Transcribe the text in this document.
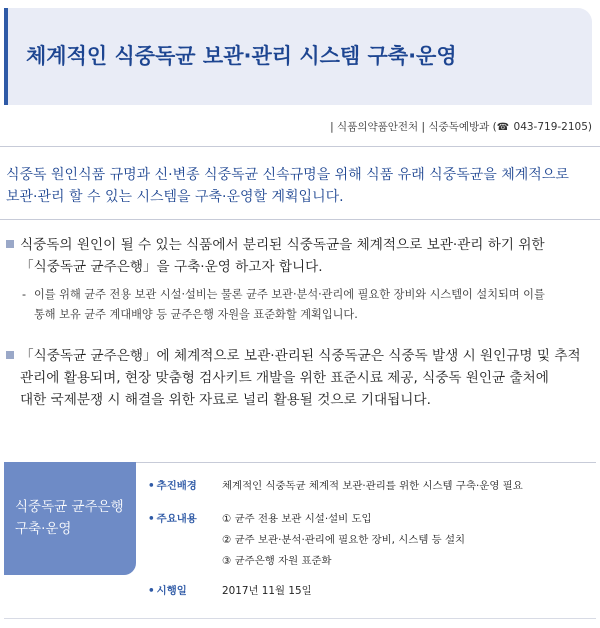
체계적인 식중독균 보관·관리 시스템 구축·운영
| 식품의약품안전처 | 식중독예방과 (☎ 043-719-2105)
식중독 원인식품 규명과 신·변종 식중독균 신속규명을 위해 식품 유래 식중독균을 체계적으로
보관·관리 할 수 있는 시스템을 구축·운영할 계획입니다.
식중독의 원인이 될 수 있는 식품에서 분리된 식중독균을 체계적으로 보관·관리 하기 위한
「식중독균 균주은행」을 구축·운영 하고자 합니다.
- 이를 위해 균주 전용 보관 시설·설비는 물론 균주 보관·분석·관리에 필요한 장비와 시스템이 설치되며 이를
통해 보유 균주 계대배양 등 균주은행 자원을 표준화할 계획입니다.
「식중독균 균주은행」에 체계적으로 보관·관리된 식중독균은 식중독 발생 시 원인규명 및 추적
관리에 활용되며, 현장 맞춤형 검사키트 개발을 위한 표준시료 제공, 식중독 원인균 출처에
대한 국제분쟁 시 해결을 위한 자료로 널리 활용될 것으로 기대됩니다.
식중독균 균주은행
구축·운영
• 추진배경 체계적인 식중독균 체계적 보관·관리를 위한 시스템 구축·운영 필요
• 주요내용 ① 균주 전용 보관 시설·설비 도입
② 균주 보관·분석·관리에 필요한 장비, 시스템 등 설치
③ 균주은행 자원 표준화
• 시행일	2017년 11월 15일
